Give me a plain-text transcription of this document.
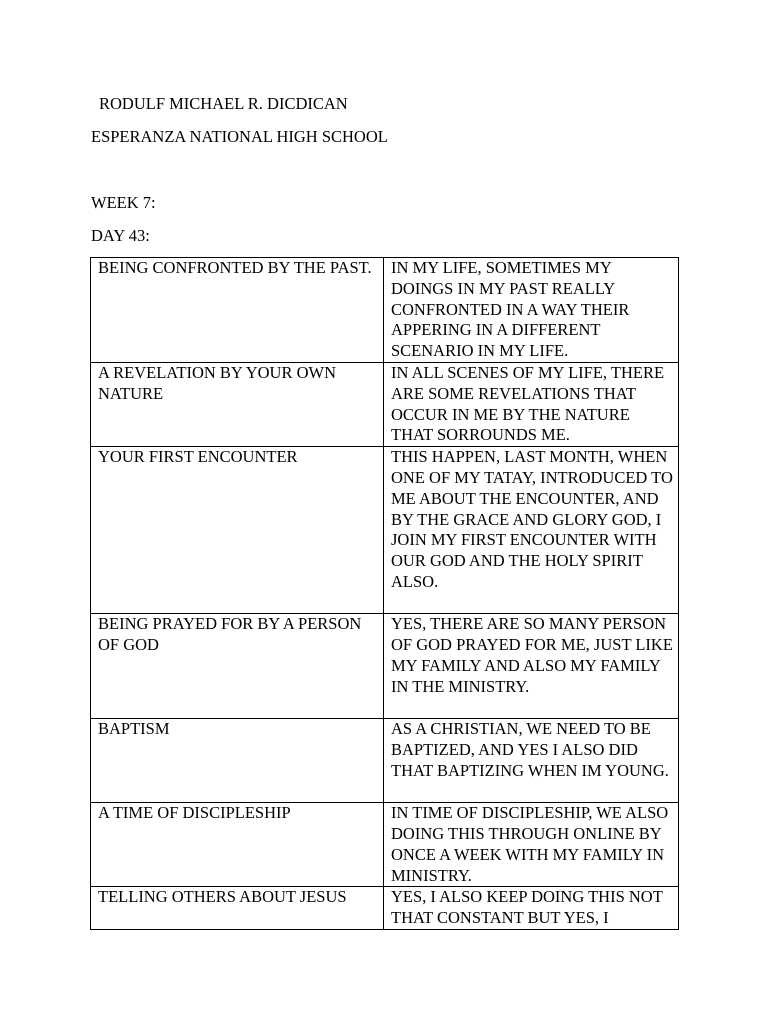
RODULF MICHAEL R. DICDICAN
ESPERANZA NATIONAL HIGH SCHOOL
WEEK 7:
DAY 43:
BEING CONFRONTED BY THE PAST.	IN MY LIFE, SOMETIMES MY DOINGS IN MY PAST REALLY CONFRONTED IN A WAY THEIR APPERING IN A DIFFERENT SCENARIO IN MY LIFE.
A REVELATION BY YOUR OWN NATURE	IN ALL SCENES OF MY LIFE, THERE ARE SOME REVELATIONS THAT OCCUR IN ME BY THE NATURE THAT SORROUNDS ME.
YOUR FIRST ENCOUNTER	THIS HAPPEN, LAST MONTH, WHEN ONE OF MY TATAY, INTRODUCED TO ME ABOUT THE ENCOUNTER, AND BY THE GRACE AND GLORY GOD, I JOIN MY FIRST ENCOUNTER WITH OUR GOD AND THE HOLY SPIRIT ALSO.
BEING PRAYED FOR BY A PERSON OF GOD	YES, THERE ARE SO MANY PERSON OF GOD PRAYED FOR ME, JUST LIKE MY FAMILY AND ALSO MY FAMILY IN THE MINISTRY.
BAPTISM	AS A CHRISTIAN, WE NEED TO BE BAPTIZED, AND YES I ALSO DID THAT BAPTIZING WHEN IM YOUNG.
A TIME OF DISCIPLESHIP	IN TIME OF DISCIPLESHIP, WE ALSO DOING THIS THROUGH ONLINE BY ONCE A WEEK WITH MY FAMILY IN MINISTRY.
TELLING OTHERS ABOUT JESUS	YES, I ALSO KEEP DOING THIS NOT THAT CONSTANT BUT YES, I
